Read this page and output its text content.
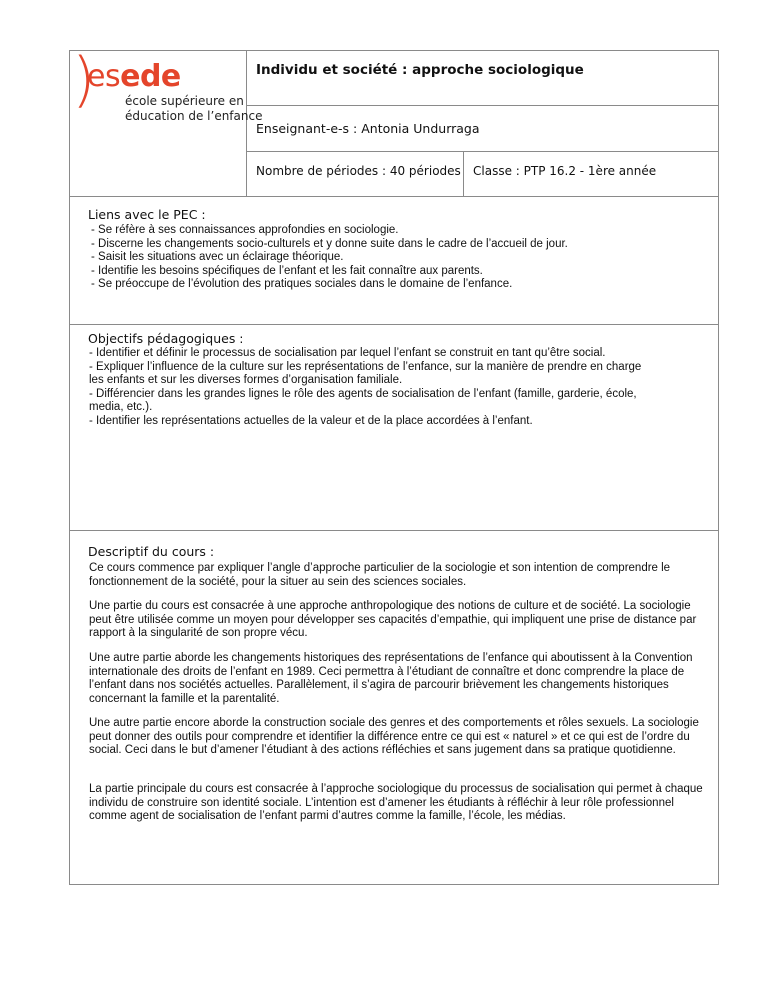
)
esede
école supérieure en
éducation de l’enfance
Individu et société : approche sociologique
Enseignant-e-s : Antonia Undurraga
Nombre de périodes : 40 périodes Classe : PTP 16.2 - 1ère année
Liens avec le PEC :
- Se réfère à ses connaissances approfondies en sociologie.
- Discerne les changements socio-culturels et y donne suite dans le cadre de l’accueil de jour.
- Saisit les situations avec un éclairage théorique.
- Identifie les besoins spécifiques de l’enfant et les fait connaître aux parents.
- Se préoccupe de l’évolution des pratiques sociales dans le domaine de l’enfance.
Objectifs pédagogiques :
- Identifier et définir le processus de socialisation par lequel l’enfant se construit en tant qu’être social.
- Expliquer l’influence de la culture sur les représentations de l’enfance, sur la manière de prendre en charge
les enfants et sur les diverses formes d’organisation familiale.
- Différencier dans les grandes lignes le rôle des agents de socialisation de l’enfant (famille, garderie, école,
media, etc.).
- Identifier les représentations actuelles de la valeur et de la place accordées à l’enfant.
Descriptif du cours :

Ce cours commence par expliquer l’angle d’approche particulier de la sociologie et son intention de comprendre le fonctionnement de la société, pour la situer au sein des sciences sociales.

Une partie du cours est consacrée à une approche anthropologique des notions de culture et de société. La sociologie peut être utilisée comme un moyen pour développer ses capacités d’empathie, qui impliquent une prise de distance par rapport à la singularité de son propre vécu.

Une autre partie aborde les changements historiques des représentations de l’enfance qui aboutissent à la Convention internationale des droits de l’enfant en 1989. Ceci permettra à l’étudiant de connaître et donc comprendre la place de l’enfant dans nos sociétés actuelles. Parallèlement, il s’agira de parcourir brièvement les changements historiques concernant la famille et la parentalité.

Une autre partie encore aborde la construction sociale des genres et des comportements et rôles sexuels. La sociologie peut donner des outils pour comprendre et identifier la différence entre ce qui est « naturel » et ce qui est de l’ordre du social. Ceci dans le but d’amener l’étudiant à des actions réfléchies et sans jugement dans sa pratique quotidienne.

La partie principale du cours est consacrée à l’approche sociologique du processus de socialisation qui permet à chaque individu de construire son identité sociale. L’intention est d’amener les étudiants à réfléchir à leur rôle professionnel comme agent de socialisation de l’enfant parmi d’autres comme la famille, l’école, les médias.
